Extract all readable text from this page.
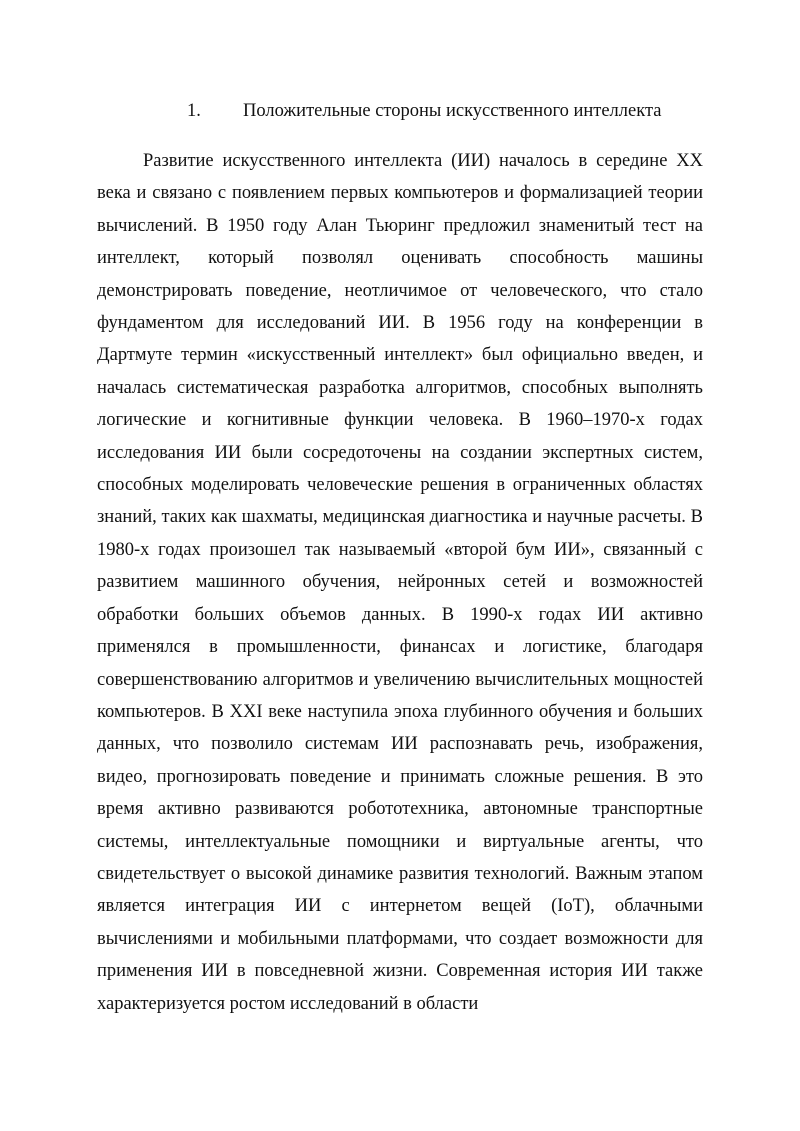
1. Положительные стороны искусственного интеллекта

Развитие искусственного интеллекта (ИИ) началось в середине XX века и связано с появлением первых компьютеров и формализацией теории вычислений. В 1950 году Алан Тьюринг предложил знаменитый тест на интеллект, который позволял оценивать способность машины демонстрировать поведение, неотличимое от человеческого, что стало фундаментом для исследований ИИ. В 1956 году на конференции в Дартмуте термин «искусственный интеллект» был официально введен, и началась систематическая разработка алгоритмов, способных выполнять логические и когнитивные функции человека. В 1960–1970-х годах исследования ИИ были сосредоточены на создании экспертных систем, способных моделировать человеческие решения в ограниченных областях знаний, таких как шахматы, медицинская диагностика и научные расчеты. В 1980-х годах произошел так называемый «второй бум ИИ», связанный с развитием машинного обучения, нейронных сетей и возможностей обработки больших объемов данных. В 1990-х годах ИИ активно применялся в промышленности, финансах и логистике, благодаря совершенствованию алгоритмов и увеличению вычислительных мощностей компьютеров. В XXI веке наступила эпоха глубинного обучения и больших данных, что позволило системам ИИ распознавать речь, изображения, видео, прогнозировать поведение и принимать сложные решения. В это время активно развиваются робототехника, автономные транспортные системы, интеллектуальные помощники и виртуальные агенты, что свидетельствует о высокой динамике развития технологий. Важным этапом является интеграция ИИ с интернетом вещей (IoT), облачными вычислениями и мобильными платформами, что создает возможности для применения ИИ в повседневной жизни. Современная история ИИ также характеризуется ростом исследований в области
